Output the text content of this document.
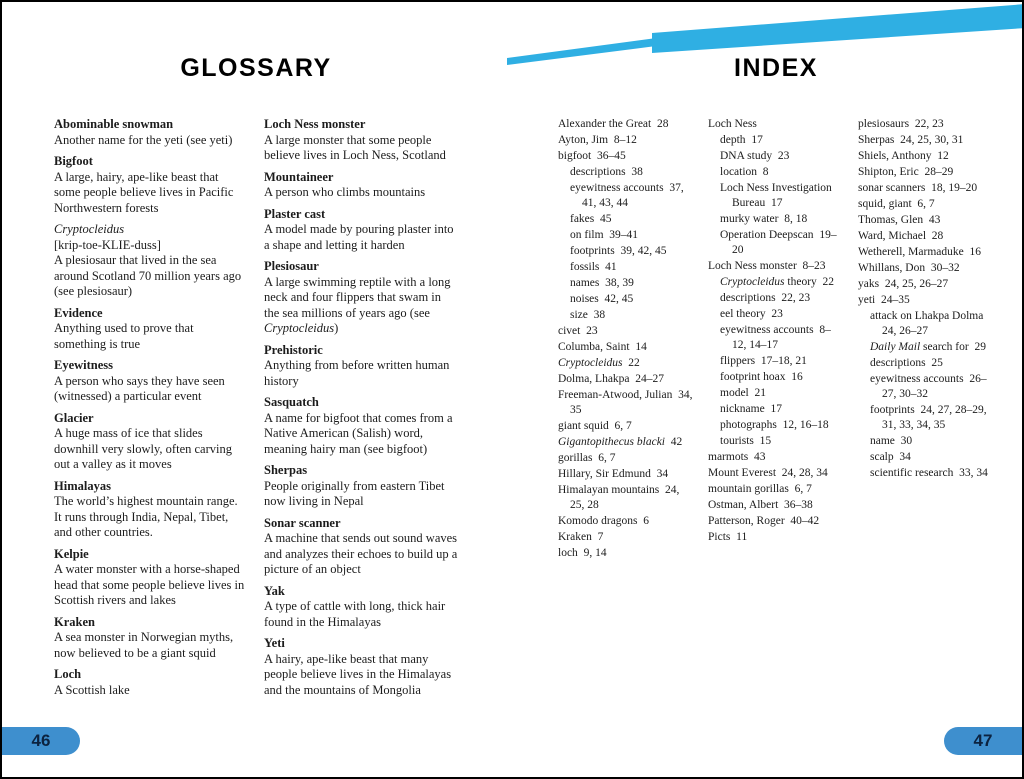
GLOSSARY
Abominable snowman
Another name for the yeti (see yeti)
Bigfoot
A large, hairy, ape-like beast that some people believe lives in Pacific Northwestern forests
Cryptocleidus
[krip-toe-KLIE-duss]
A plesiosaur that lived in the sea around Scotland 70 million years ago (see plesiosaur)
Evidence
Anything used to prove that something is true
Eyewitness
A person who says they have seen (witnessed) a particular event
Glacier
A huge mass of ice that slides downhill very slowly, often carving out a valley as it moves
Himalayas
The world’s highest mountain range. It runs through India, Nepal, Tibet, and other countries.
Kelpie
A water monster with a horse-shaped head that some people believe lives in Scottish rivers and lakes
Kraken
A sea monster in Norwegian myths, now believed to be a giant squid
Loch
A Scottish lake
Loch Ness monster
A large monster that some people believe lives in Loch Ness, Scotland
Mountaineer
A person who climbs mountains
Plaster cast
A model made by pouring plaster into a shape and letting it harden
Plesiosaur
A large swimming reptile with a long neck and four flippers that swam in the sea millions of years ago (see Cryptocleidus)
Prehistoric
Anything from before written human history
Sasquatch
A name for bigfoot that comes from a Native American (Salish) word, meaning hairy man (see bigfoot)
Sherpas
People originally from eastern Tibet now living in Nepal
Sonar scanner
A machine that sends out sound waves and analyzes their echoes to build up a picture of an object
Yak
A type of cattle with long, thick hair found in the Himalayas
Yeti
A hairy, ape-like beast that many people believe lives in the Himalayas and the mountains of Mongolia
INDEX
Alexander the Great 28
Ayton, Jim 8–12
bigfoot 36–45
descriptions 38
eyewitness accounts 37, 41, 43, 44
fakes 45
on film 39–41
footprints 39, 42, 45
fossils 41
names 38, 39
noises 42, 45
size 38
civet 23
Columba, Saint 14
Cryptocleidus  22
Dolma, Lhakpa 24–27
Freeman-Atwood, Julian 34, 35
giant squid 6, 7
Gigantopithecus blacki  42
gorillas 6, 7
Hillary, Sir Edmund 34
Himalayan mountains 24, 25, 28
Komodo dragons 6
Kraken 7
loch 9, 14
Loch Ness
depth 17
DNA study 23
location 8
Loch Ness Investigation Bureau 17
murky water 8, 18
Operation Deepscan 19–20
Loch Ness monster 8–23
Cryptocleidus theory 22
descriptions 22, 23
eel theory 23
eyewitness accounts 8–12, 14–17
flippers 17–18, 21
footprint hoax 16
model 21
nickname 17
photographs 12, 16–18
tourists 15
marmots 43
Mount Everest 24, 28, 34
mountain gorillas 6, 7
Ostman, Albert 36–38
Patterson, Roger 40–42
Picts 11
plesiosaurs 22, 23
Sherpas 24, 25, 30, 31
Shiels, Anthony 12
Shipton, Eric 28–29
sonar scanners 18, 19–20
squid, giant 6, 7
Thomas, Glen 43
Ward, Michael 28
Wetherell, Marmaduke 16
Whillans, Don 30–32
yaks 24, 25, 26–27
yeti 24–35
attack on Lhakpa Dolma 24, 26–27
Daily Mail search for 29
descriptions 25
eyewitness accounts 26–27, 30–32
footprints 24, 27, 28–29, 31, 33, 34, 35
name 30
scalp 34
scientific research 33, 34
46	47
